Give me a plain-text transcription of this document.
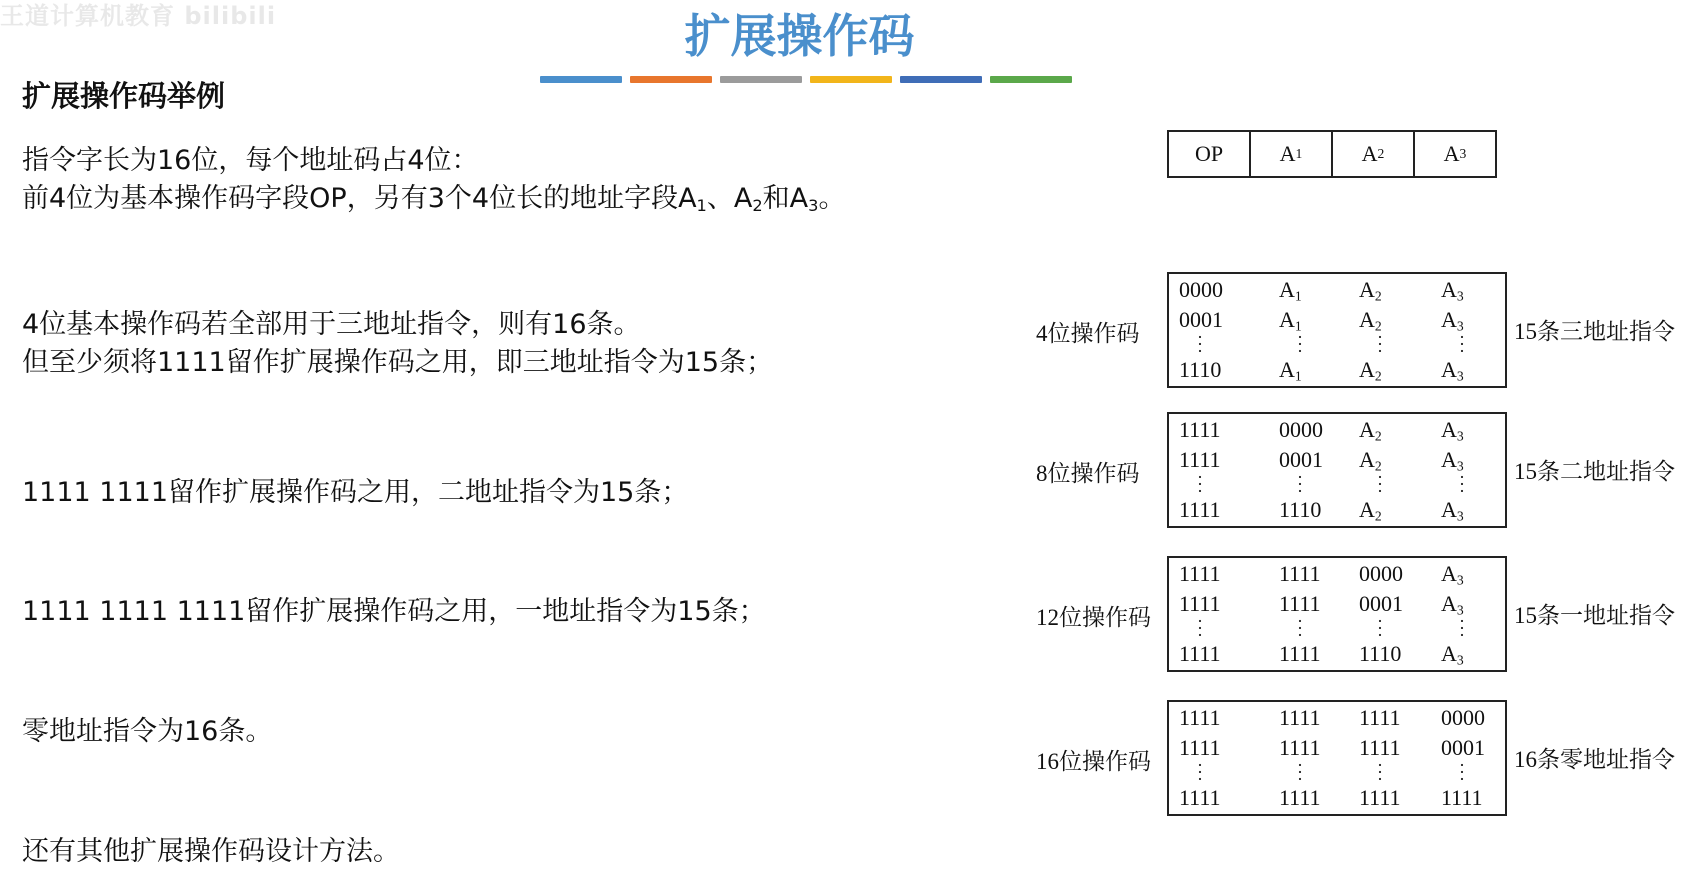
王道计算机教育 bilibili	扩展操作码
扩展操作码举例
指令字长为16位，每个地址码占4位：
前4位为基本操作码字段OP，另有3个4位长的地址字段$A_1$、$A_2$和$A_3$。
4位基本操作码若全部用于三地址指令，则有16条。
但至少须将1111留作扩展操作码之用，即三地址指令为15条；
1111 1111留作扩展操作码之用，二地址指令为15条；
1111 1111 1111留作扩展操作码之用，一地址指令为15条；
零地址指令为16条。
还有其他扩展操作码设计方法。
OP	A 1	A 2	A 3
4位操作码
0000	$A_1$	$A_2$	$A_3$
0001	$A_1$	$A_2$	$A_3$
1110	$A_1$	$A_2$	$A_3$
·
·
·
·
·
·
·
·
·
·
·
·
15条三地址指令
8位操作码
1111	0000 $A_2$	$A_3$
1111	0001 $A_2$	$A_3$
1111	1110 $A_2$	$A_3$
·
·
·
·
·
·
·
·
·
·
·
·
15条二地址指令
12位操作码
1111	1111 0000 $A_3$
1111	1111 0001 $A_3$
1111	1111 1110 $A_3$
·
·
·
·
·
·
·
·
·
·
·
·
15条一地址指令
16位操作码
1111	1111 1111 0000
1111	1111 1111 0001
1111	1111 1111 1111
·
·
·
·
·
·
·
·
·
·
·
·
16条零地址指令
